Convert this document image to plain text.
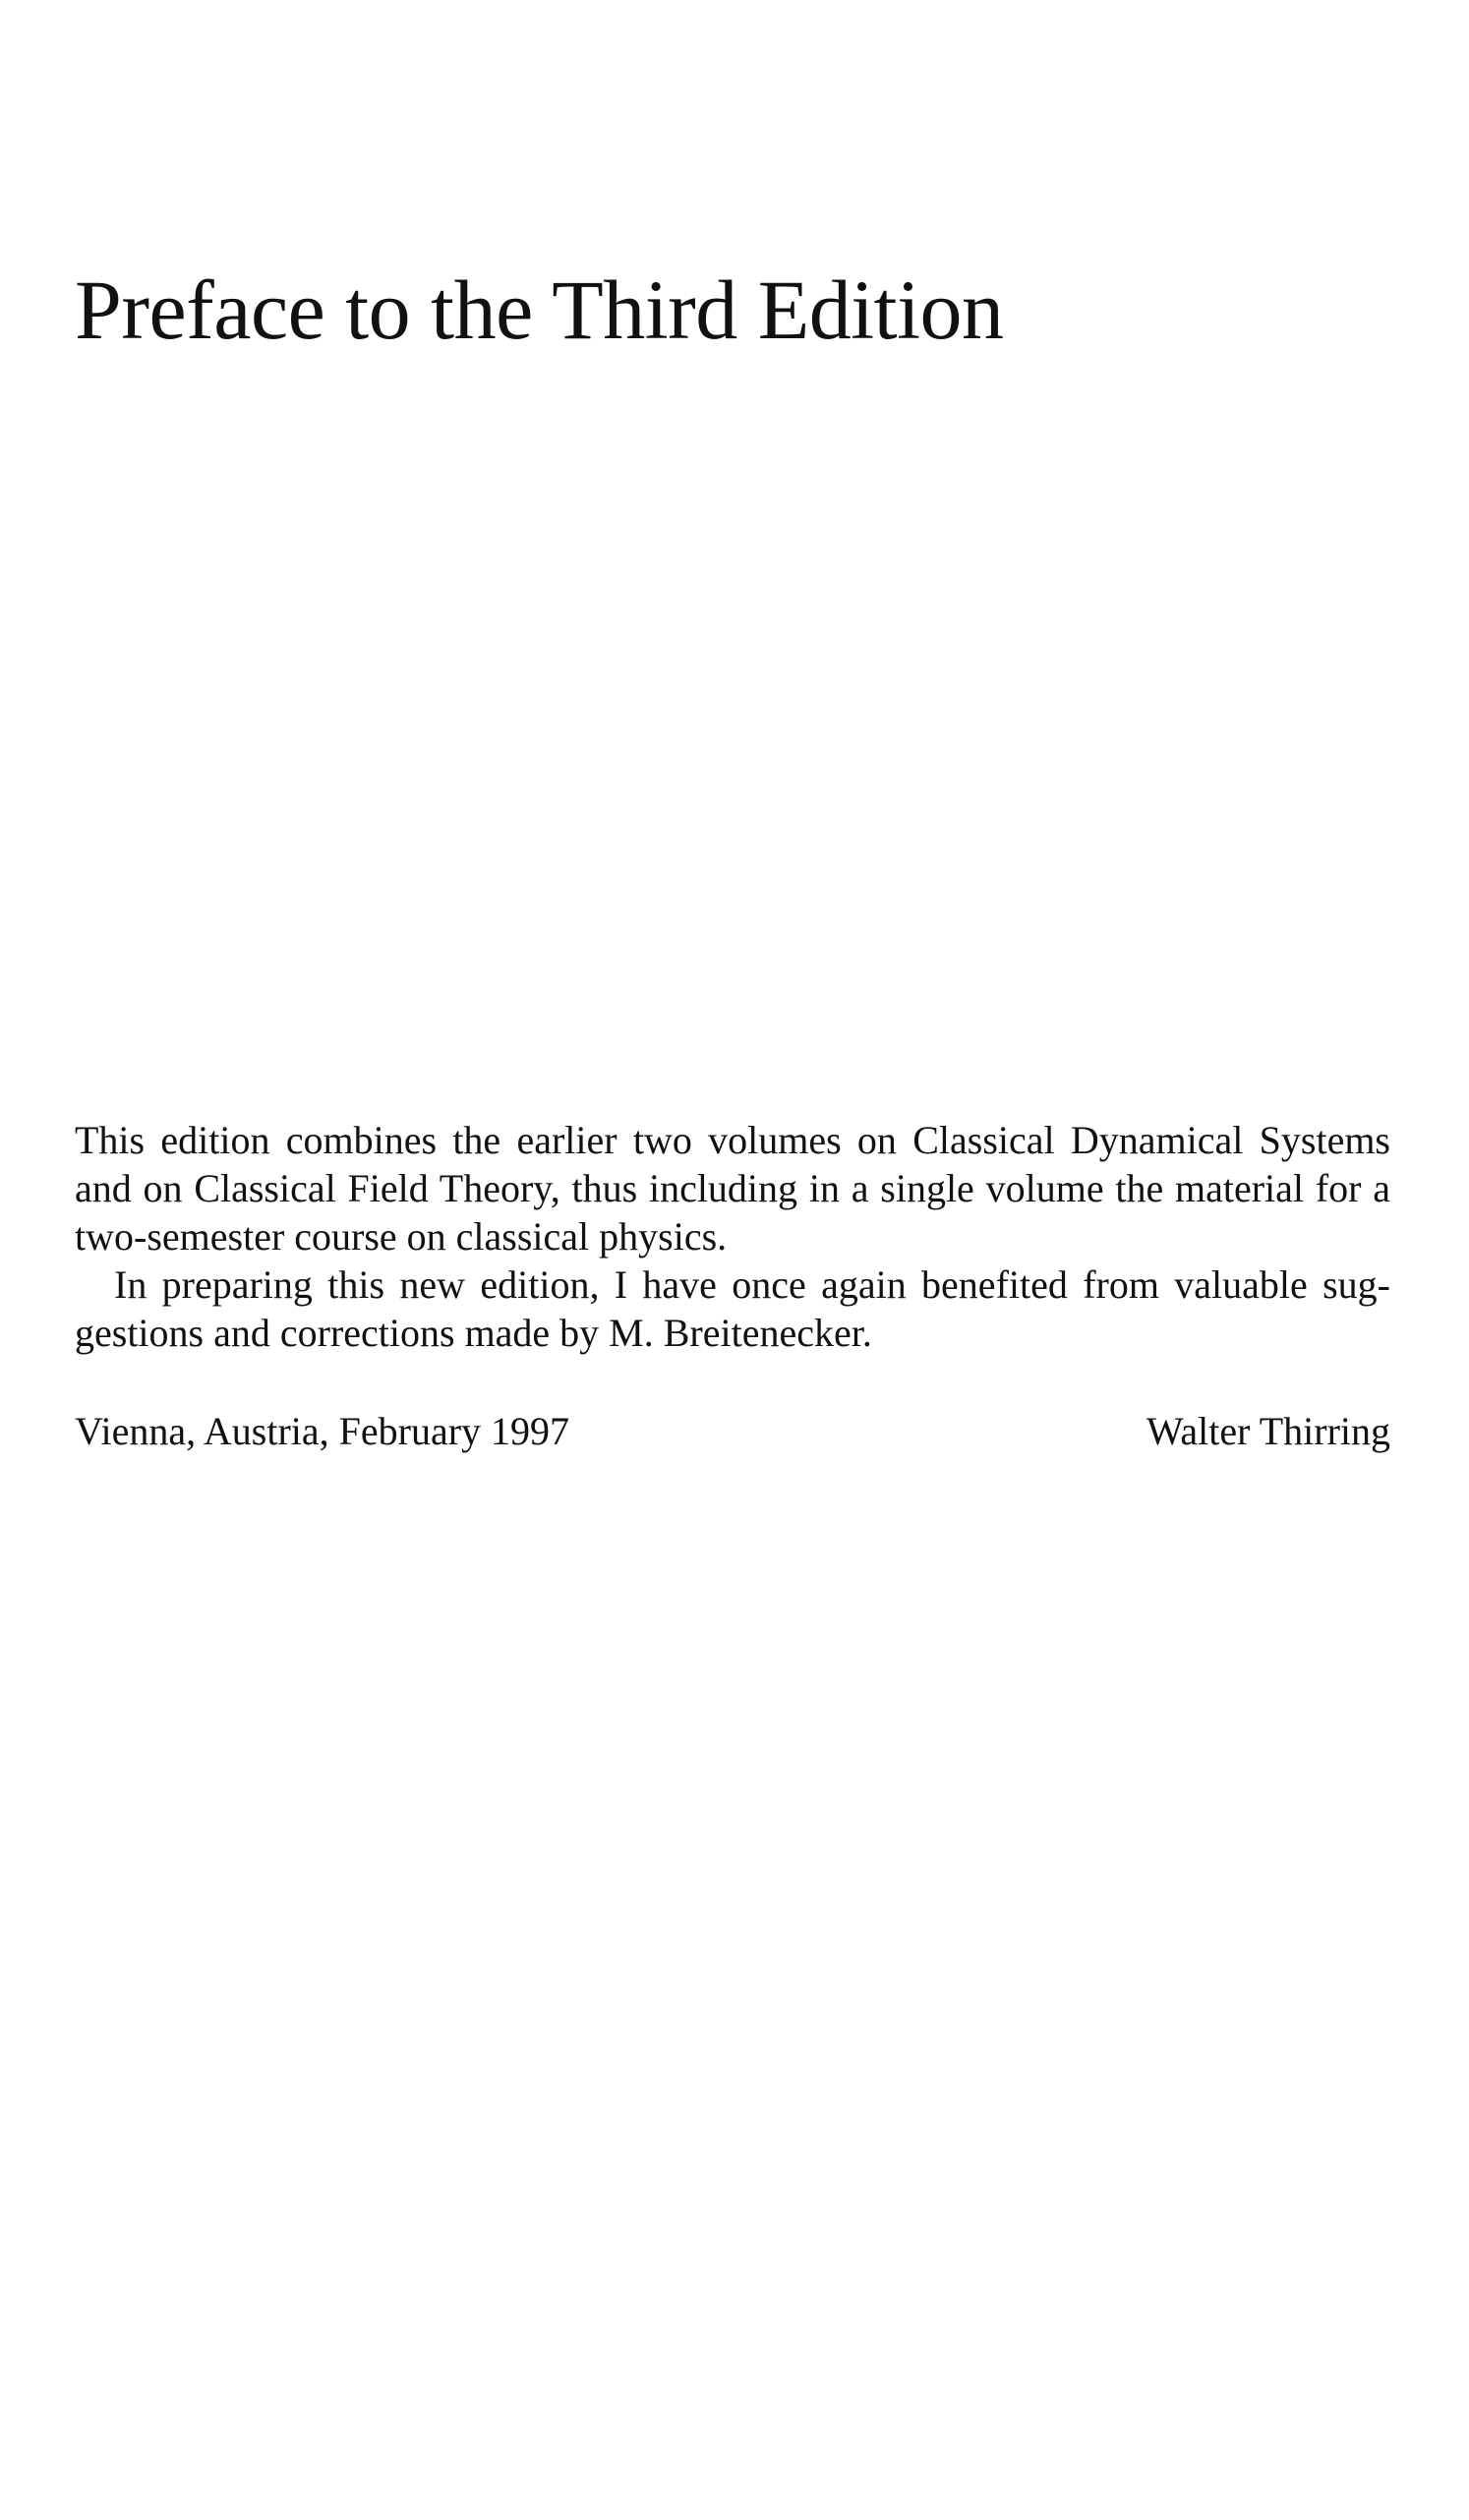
Preface to the Third Edition

This edition combines the earlier two volumes on Classical Dynamical Systems and on Classical Field Theory, thus including in a single volume the material for a two-semester course on classical physics.

In preparing this new edition, I have once again benefited from valuable suggestions and corrections made by M. Breitenecker.

Vienna, Austria, February 1997	Walter Thirring
